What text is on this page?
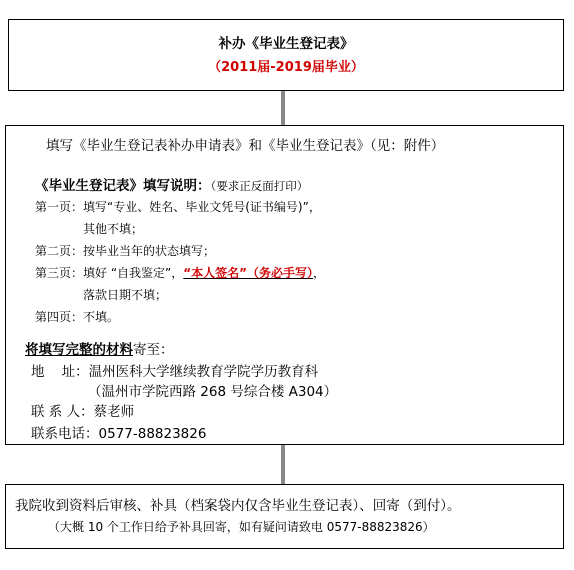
补办《毕业生登记表》
（2011届-2019届毕业）
填写《毕业生登记表补办申请表》和《毕业生登记表》（见：附件）
《毕业生登记表》填写说明：（要求正反面打印）
第一页：填写“专业、姓名、毕业文凭号(证书编号)”，
其他不填；
第二页：按毕业当年的状态填写；
第三页：填好 “自我鉴定”，“本人签名”（务必手写），
落款日期不填；
第四页：不填。
将填写完整的材料寄至：
地    址：温州医科大学继续教育学院学历教育科
（温州市学院西路 268 号综合楼 A304）
联 系 人：蔡老师
联系电话：0577-88823826
我院收到资料后审核、补具（档案袋内仅含毕业生登记表）、回寄（到付）。
（大概 10 个工作日给予补具回寄，如有疑问请致电 0577-88823826）
